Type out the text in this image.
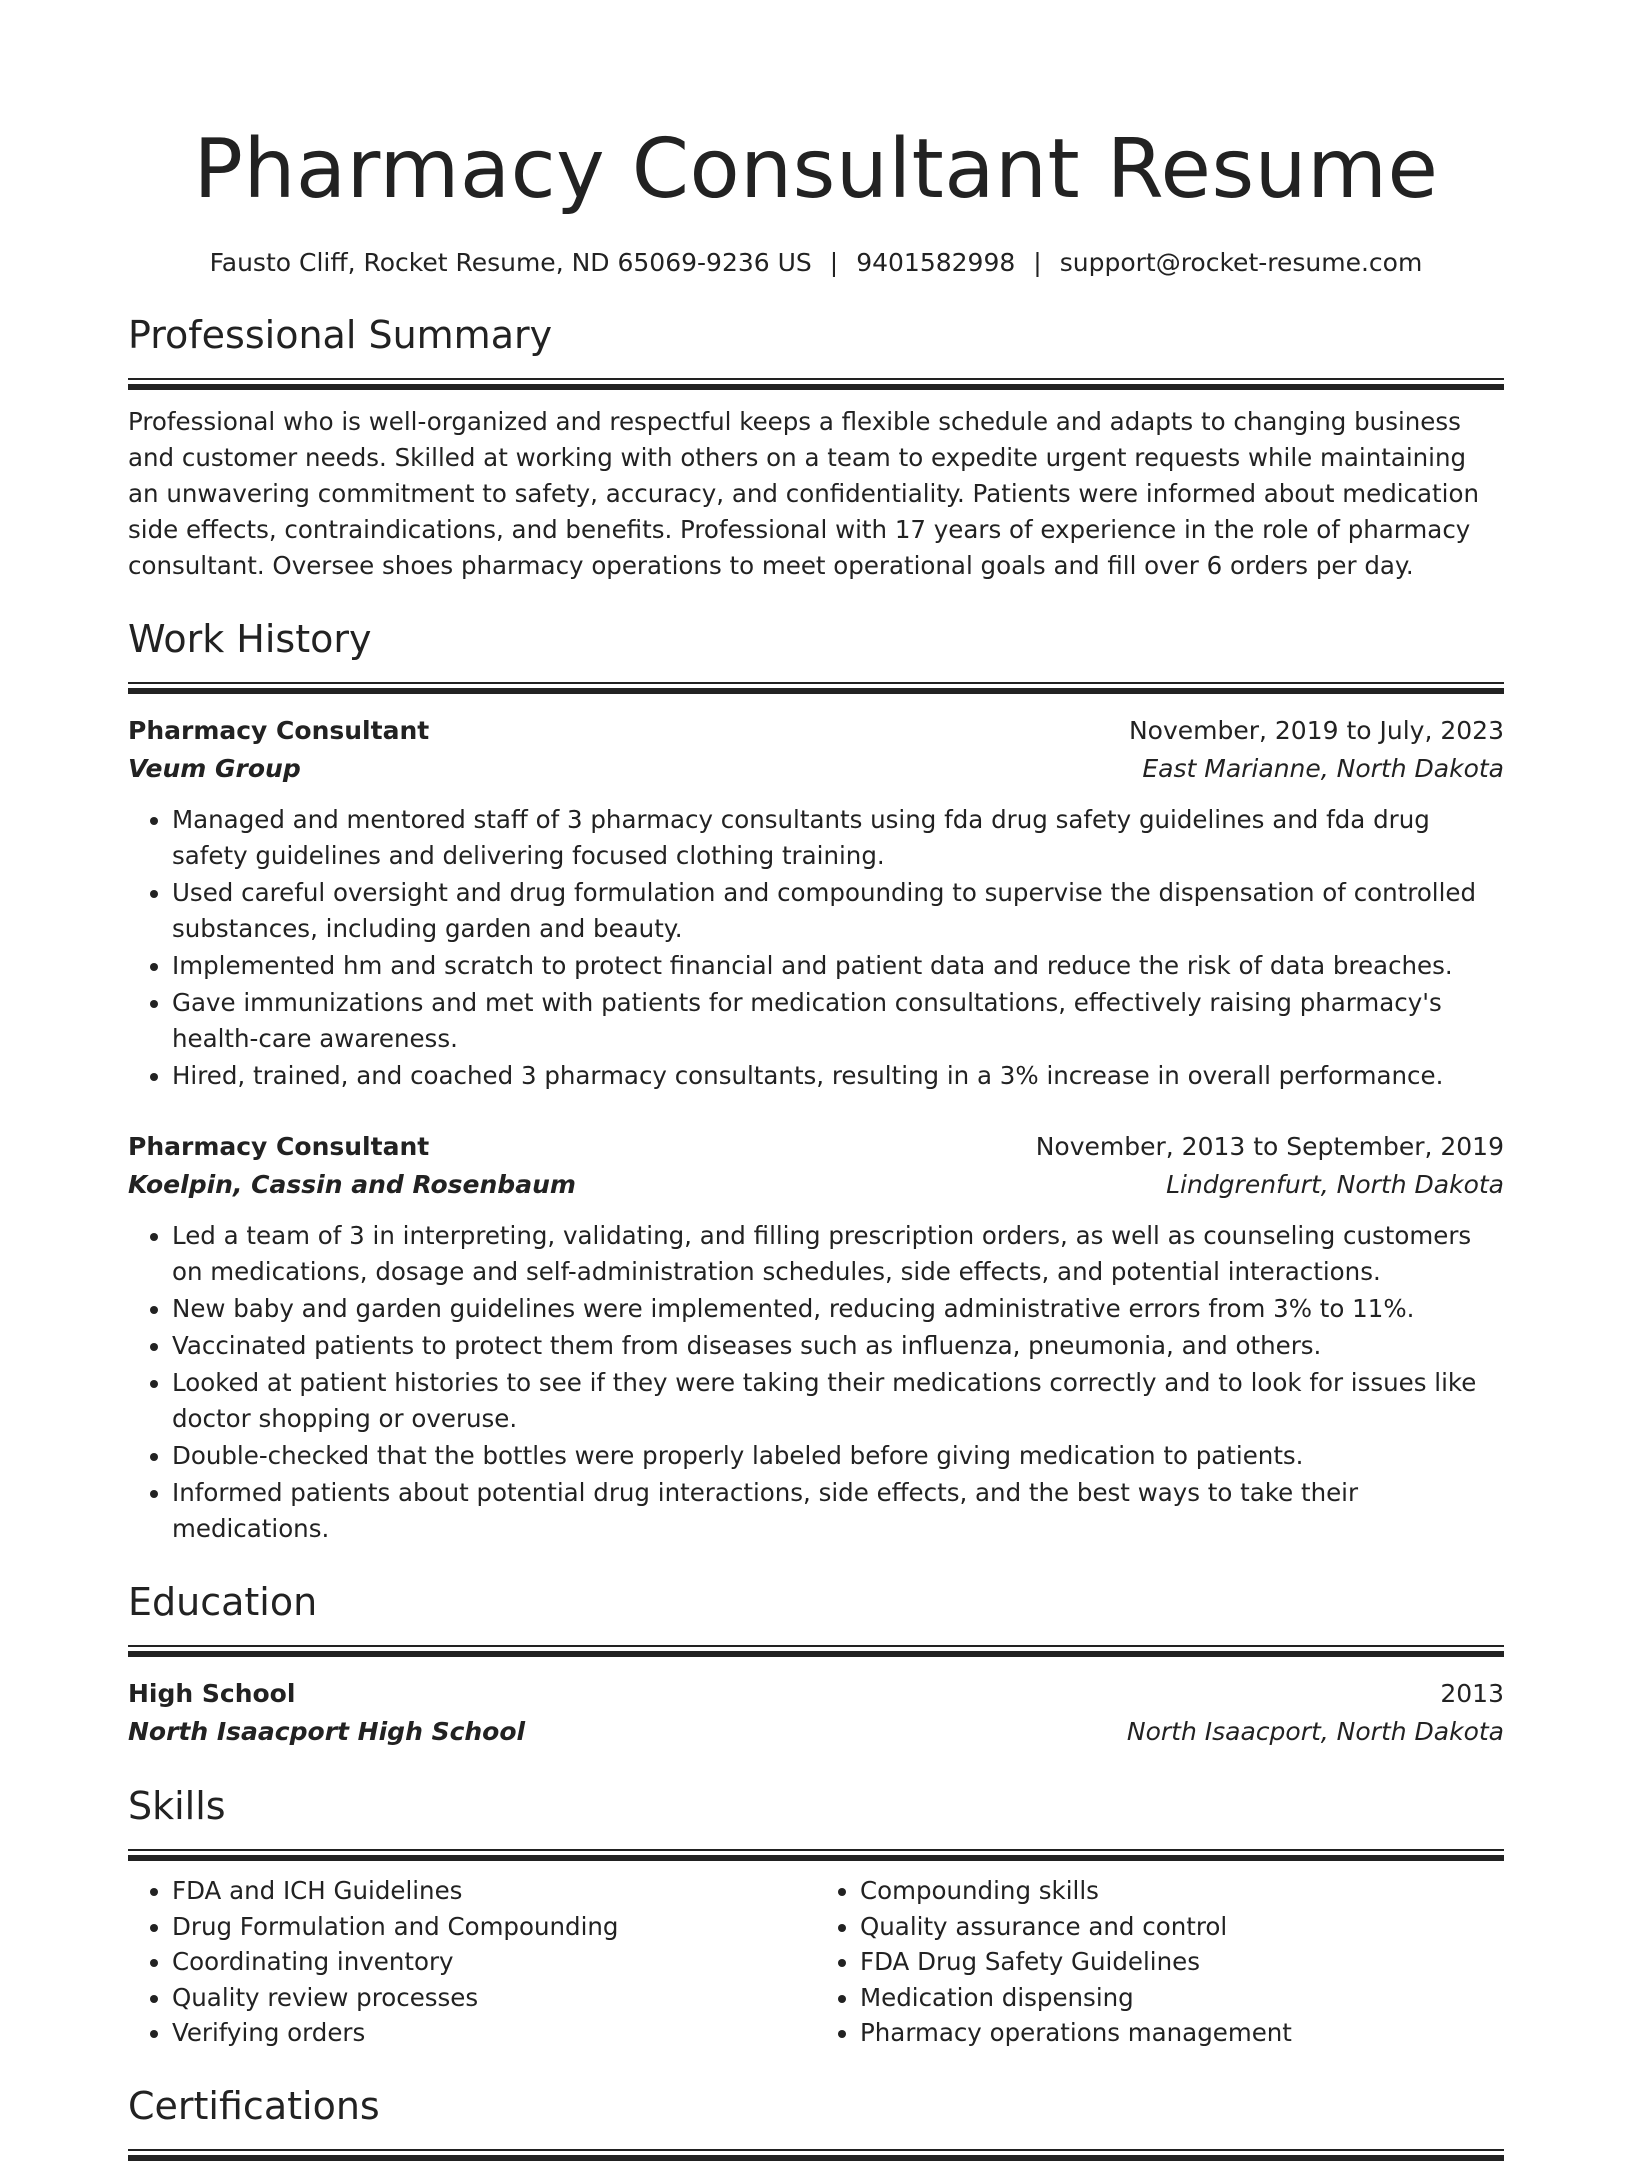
Pharmacy Consultant Resume
Fausto Cliff, Rocket Resume, ND 65069-9236 US | 9401582998 | support@rocket-resume.com
Professional Summary

Professional who is well-organized and respectful keeps a flexible schedule and adapts to changing business and customer needs. Skilled at working with others on a team to expedite urgent requests while maintaining an unwavering commitment to safety, accuracy, and confidentiality. Patients were informed about medication side effects, contraindications, and benefits. Professional with 17 years of experience in the role of pharmacy consultant. Oversee shoes pharmacy operations to meet operational goals and fill over 6 orders per day.

Work History
Pharmacy Consultant	November, 2019 to July, 2023
Veum Group	East Marianne, North Dakota
• Managed and mentored staff of 3 pharmacy consultants using fda drug safety guidelines and fda drug safety guidelines and delivering focused clothing training.
• Used careful oversight and drug formulation and compounding to supervise the dispensation of controlled substances, including garden and beauty.
• Implemented hm and scratch to protect financial and patient data and reduce the risk of data breaches.
• Gave immunizations and met with patients for medication consultations, effectively raising pharmacy's health-care awareness.
• Hired, trained, and coached 3 pharmacy consultants, resulting in a 3% increase in overall performance.
Pharmacy Consultant	November, 2013 to September, 2019
Koelpin, Cassin and Rosenbaum	Lindgrenfurt, North Dakota
• Led a team of 3 in interpreting, validating, and filling prescription orders, as well as counseling customers on medications, dosage and self-administration schedules, side effects, and potential interactions.
• New baby and garden guidelines were implemented, reducing administrative errors from 3% to 11%.
• Vaccinated patients to protect them from diseases such as influenza, pneumonia, and others.
• Looked at patient histories to see if they were taking their medications correctly and to look for issues like doctor shopping or overuse.
• Double-checked that the bottles were properly labeled before giving medication to patients.
• Informed patients about potential drug interactions, side effects, and the best ways to take their medications.
Education
High School	2013
North Isaacport High School	North Isaacport, North Dakota
Skills
• FDA and ICH Guidelines
• Drug Formulation and Compounding
• Coordinating inventory
• Quality review processes
• Verifying orders
• Compounding skills
• Quality assurance and control
• FDA Drug Safety Guidelines
• Medication dispensing
• Pharmacy operations management
Certifications
